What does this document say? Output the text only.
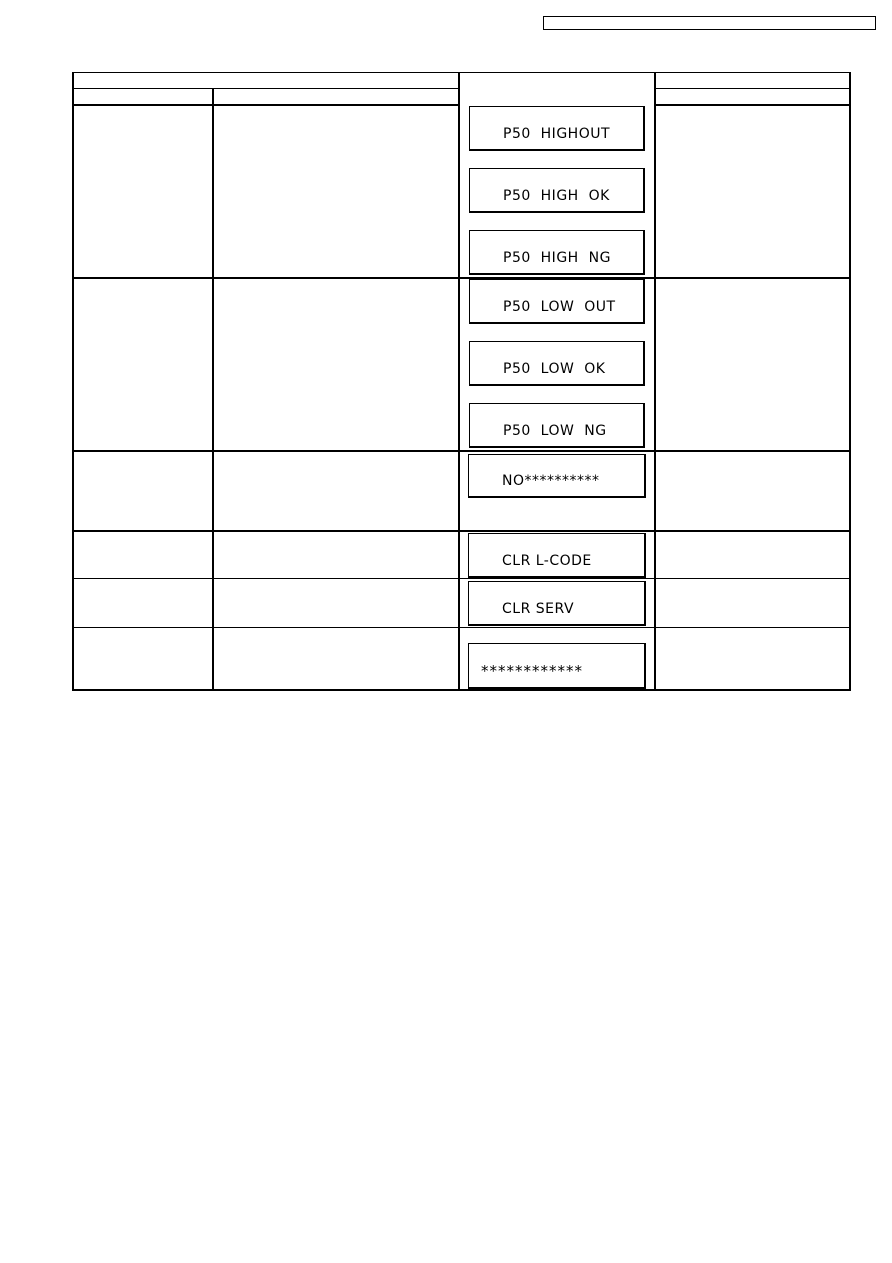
P50  HIGHOUT
P50  HIGH  OK
P50  HIGH  NG
P50  LOW  OUT
P50  LOW  OK
P50  LOW  NG
NO**********
CLR L-CODE
CLR SERV
************
